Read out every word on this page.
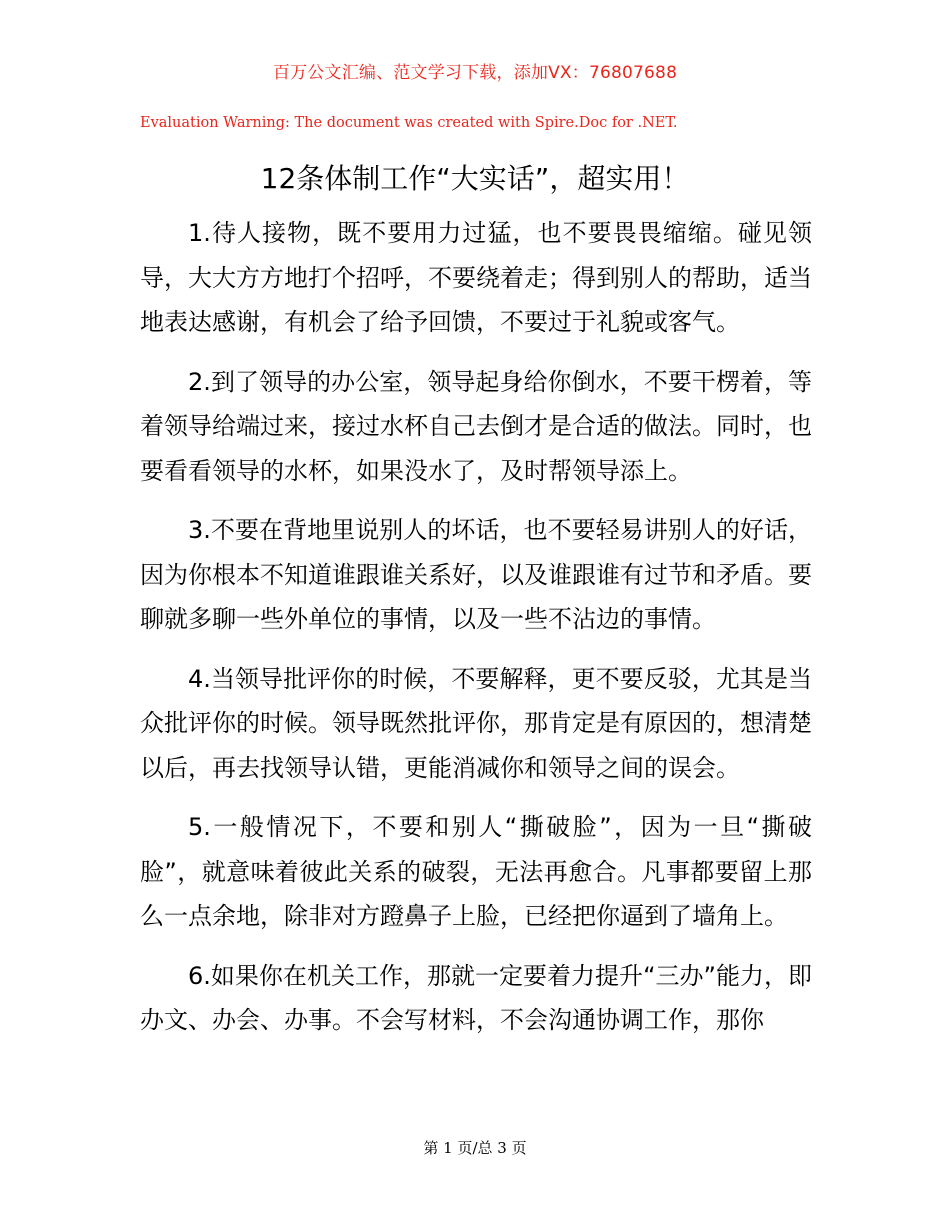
百万公文汇编、范文学习下载，添加VX：76807688
Evaluation Warning: The document was created with Spire.Doc for .NET.
12条体制工作“大实话”，超实用！

1.待人接物，既不要用力过猛，也不要畏畏缩缩。碰见领导，大大方方地打个招呼，不要绕着走；得到别人的帮助，适当地表达感谢，有机会了给予回馈，不要过于礼貌或客气。

2.到了领导的办公室，领导起身给你倒水，不要干楞着，等着领导给端过来，接过水杯自己去倒才是合适的做法。同时，也要看看领导的水杯，如果没水了，及时帮领导添上。

3.不要在背地里说别人的坏话，也不要轻易讲别人的好话，因为你根本不知道谁跟谁关系好，以及谁跟谁有过节和矛盾。要聊就多聊一些外单位的事情，以及一些不沾边的事情。

4.当领导批评你的时候，不要解释，更不要反驳，尤其是当众批评你的时候。领导既然批评你，那肯定是有原因的，想清楚以后，再去找领导认错，更能消减你和领导之间的误会。

5.一般情况下，不要和别人“撕破脸”，因为一旦“撕破脸”，就意味着彼此关系的破裂，无法再愈合。凡事都要留上那么一点余地，除非对方蹬鼻子上脸，已经把你逼到了墙角上。

6.如果你在机关工作，那就一定要着力提升“三办”能力，即办文、办会、办事。不会写材料，不会沟通协调工作，那你

第 1 页/总 3 页
